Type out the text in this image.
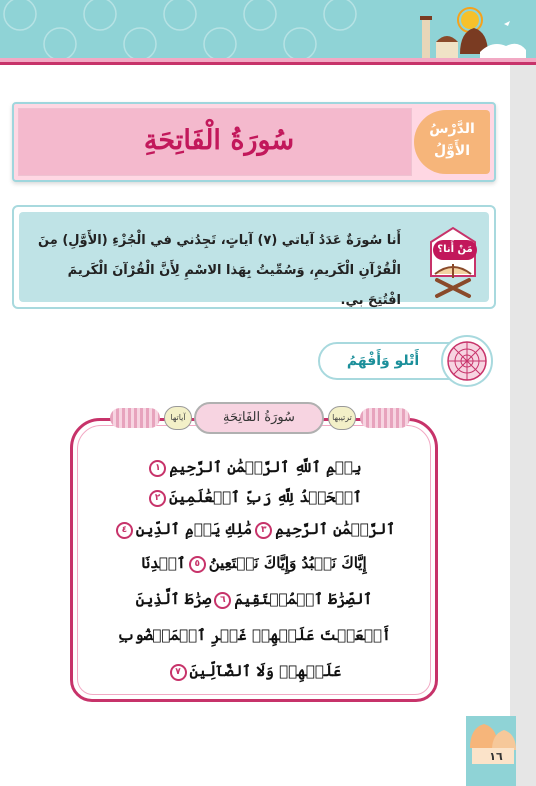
سُورَةُ الْفَاتِحَةِ	الدَّرْسُ
الأَوَّلُ
أَنا سُورَةٌ عَدَدُ آياتي (٧) آياتٍ، تَجِدُني في الْجُزْءِ (الأَوَّلِ) مِنَ الْقُرْآنِ الْكَريمِ، وَسُمِّيتُ بِهَذا الاسْمِ لِأَنَّ الْقُرْآنَ الْكَريمَ افْتُتِحَ بي.
مَنْ أَنا؟
أَتْلو وَأَفْهَمُ
آياتها	سُورَةُ الفَاتِحَةِ	ترتيبها
بِسۡمِ ٱللَّهِ ٱلرَّحۡمَٰنِ ٱلرَّحِيمِ١
ٱلۡحَمۡدُ لِلَّهِ رَبِّ ٱلۡعَٰلَمِينَ٢
ٱلرَّحۡمَٰنِ ٱلرَّحِيمِ٣مَٰلِكِ يَوۡمِ ٱلدِّينِ٤
إِيَّاكَ نَعۡبُدُ وَإِيَّاكَ نَسۡتَعِينُ٥ٱهۡدِنَا
ٱلصِّرَٰطَ ٱلۡمُسۡتَقِيمَ٦صِرَٰطَ ٱلَّذِينَ
أَنۡعَمۡتَ عَلَيۡهِمۡ غَيۡرِ ٱلۡمَغۡضُوبِ
عَلَيۡهِمۡ وَلَا ٱلضَّآلِّينَ٧
١٦
